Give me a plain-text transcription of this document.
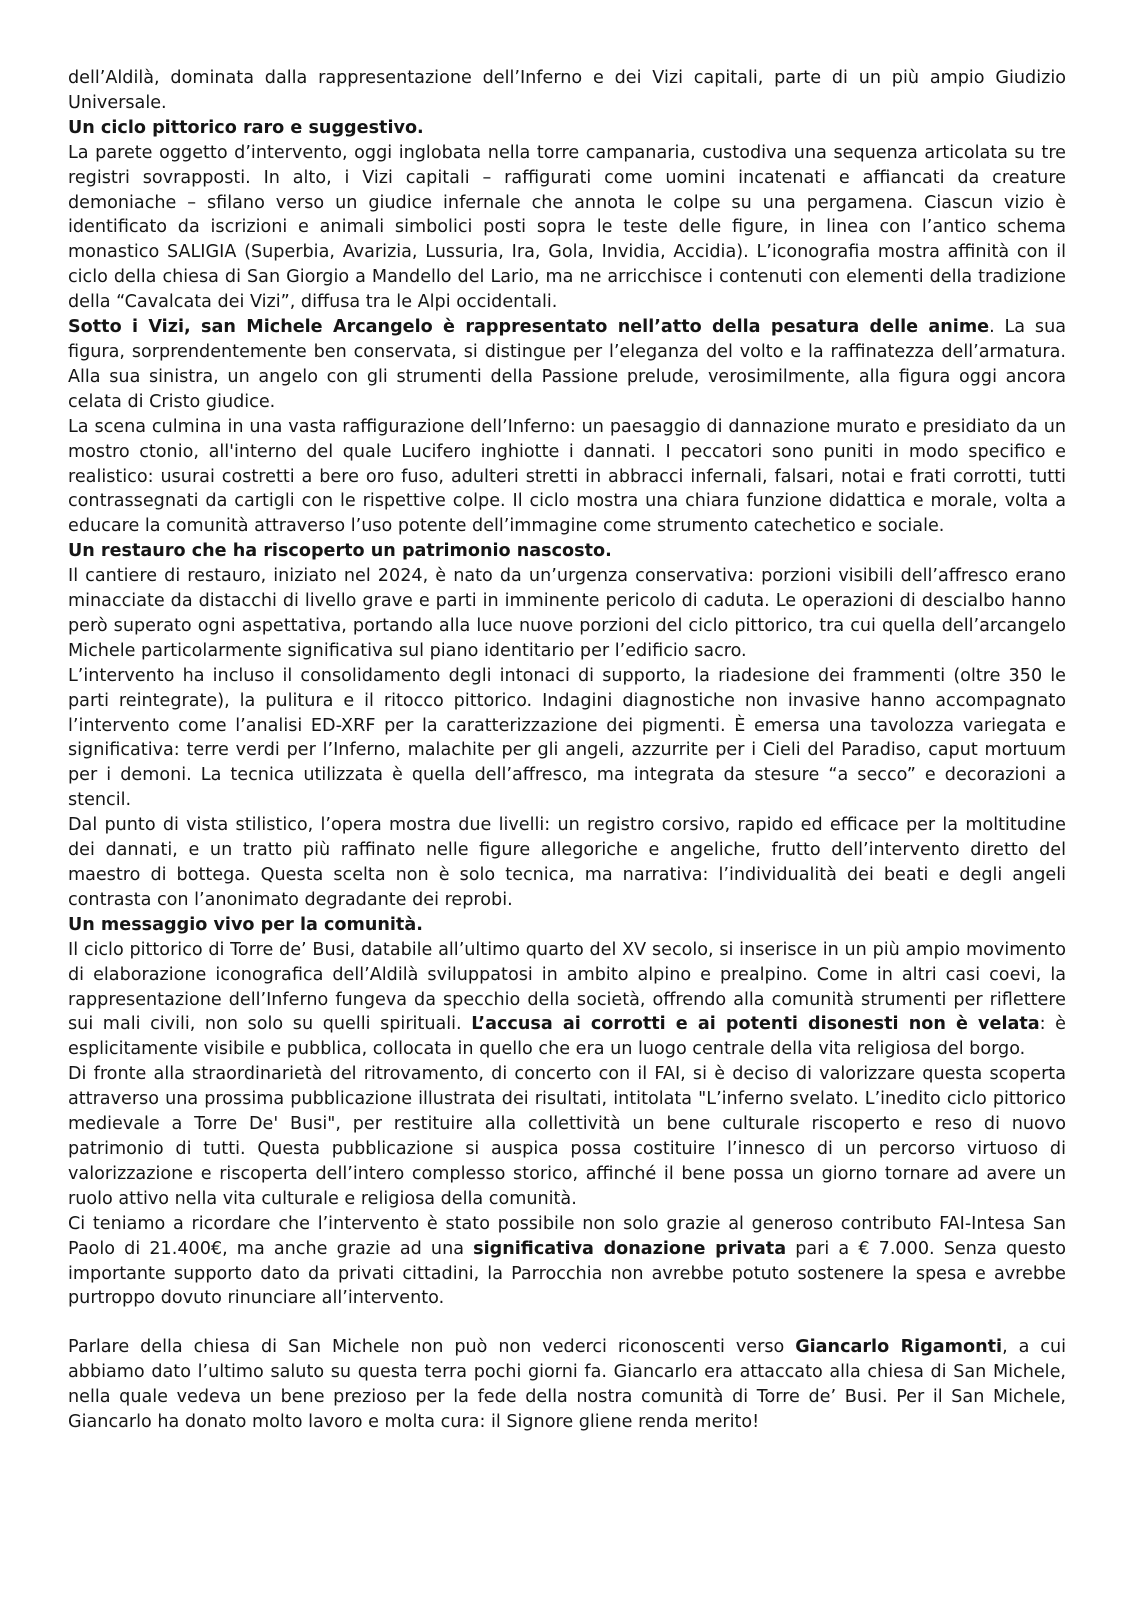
dell’Aldilà, dominata dalla rappresentazione dell’Inferno e dei Vizi capitali, parte di un più ampio Giudizio Universale.

Un ciclo pittorico raro e suggestivo.

La parete oggetto d’intervento, oggi inglobata nella torre campanaria, custodiva una sequenza articolata su tre registri sovrapposti. In alto, i Vizi capitali – raffigurati come uomini incatenati e affiancati da creature demoniache – sfilano verso un giudice infernale che annota le colpe su una pergamena. Ciascun vizio è identificato da iscrizioni e animali simbolici posti sopra le teste delle figure, in linea con l’antico schema monastico SALIGIA (Superbia, Avarizia, Lussuria, Ira, Gola, Invidia, Accidia). L’iconografia mostra affinità con il ciclo della chiesa di San Giorgio a Mandello del Lario, ma ne arricchisce i contenuti con elementi della tradizione della “Cavalcata dei Vizi”, diffusa tra le Alpi occidentali.

Sotto i Vizi, san Michele Arcangelo è rappresentato nell’atto della pesatura delle anime. La sua figura, sorprendentemente ben conservata, si distingue per l’eleganza del volto e la raffinatezza dell’armatura. Alla sua sinistra, un angelo con gli strumenti della Passione prelude, verosimilmente, alla figura oggi ancora celata di Cristo giudice.

La scena culmina in una vasta raffigurazione dell’Inferno: un paesaggio di dannazione murato e presidiato da un mostro ctonio, all'interno del quale Lucifero inghiotte i dannati. I peccatori sono puniti in modo specifico e realistico: usurai costretti a bere oro fuso, adulteri stretti in abbracci infernali, falsari, notai e frati corrotti, tutti contrassegnati da cartigli con le rispettive colpe. Il ciclo mostra una chiara funzione didattica e morale, volta a educare la comunità attraverso l’uso potente dell’immagine come strumento catechetico e sociale.

Un restauro che ha riscoperto un patrimonio nascosto.

Il cantiere di restauro, iniziato nel 2024, è nato da un’urgenza conservativa: porzioni visibili dell’affresco erano minacciate da distacchi di livello grave e parti in imminente pericolo di caduta. Le operazioni di descialbo hanno però superato ogni aspettativa, portando alla luce nuove porzioni del ciclo pittorico, tra cui quella dell’arcangelo Michele particolarmente significativa sul piano identitario per l’edificio sacro.

L’intervento ha incluso il consolidamento degli intonaci di supporto, la riadesione dei frammenti (oltre 350 le parti reintegrate), la pulitura e il ritocco pittorico. Indagini diagnostiche non invasive hanno accompagnato l’intervento come l’analisi ED-XRF per la caratterizzazione dei pigmenti. È emersa una tavolozza variegata e significativa: terre verdi per l’Inferno, malachite per gli angeli, azzurrite per i Cieli del Paradiso, caput mortuum per i demoni. La tecnica utilizzata è quella dell’affresco, ma integrata da stesure “a secco” e decorazioni a stencil.

Dal punto di vista stilistico, l’opera mostra due livelli: un registro corsivo, rapido ed efficace per la moltitudine dei dannati, e un tratto più raffinato nelle figure allegoriche e angeliche, frutto dell’intervento diretto del maestro di bottega. Questa scelta non è solo tecnica, ma narrativa: l’individualità dei beati e degli angeli contrasta con l’anonimato degradante dei reprobi.

Un messaggio vivo per la comunità.

Il ciclo pittorico di Torre de’ Busi, databile all’ultimo quarto del XV secolo, si inserisce in un più ampio movimento di elaborazione iconografica dell’Aldilà sviluppatosi in ambito alpino e prealpino. Come in altri casi coevi, la rappresentazione dell’Inferno fungeva da specchio della società, offrendo alla comunità strumenti per riflettere sui mali civili, non solo su quelli spirituali. L’accusa ai corrotti e ai potenti disonesti non è velata: è esplicitamente visibile e pubblica, collocata in quello che era un luogo centrale della vita religiosa del borgo.

Di fronte alla straordinarietà del ritrovamento, di concerto con il FAI, si è deciso di valorizzare questa scoperta attraverso una prossima pubblicazione illustrata dei risultati, intitolata "L’inferno svelato. L’inedito ciclo pittorico medievale a Torre De' Busi", per restituire alla collettività un bene culturale riscoperto e reso di nuovo patrimonio di tutti. Questa pubblicazione si auspica possa costituire l’innesco di un percorso virtuoso di valorizzazione e riscoperta dell’intero complesso storico, affinché il bene possa un giorno tornare ad avere un ruolo attivo nella vita culturale e religiosa della comunità.

Ci teniamo a ricordare che l’intervento è stato possibile non solo grazie al generoso contributo FAI-Intesa San Paolo di 21.400€, ma anche grazie ad una significativa donazione privata pari a € 7.000. Senza questo importante supporto dato da privati cittadini, la Parrocchia non avrebbe potuto sostenere la spesa e avrebbe purtroppo dovuto rinunciare all’intervento.

Parlare della chiesa di San Michele non può non vederci riconoscenti verso Giancarlo Rigamonti, a cui abbiamo dato l’ultimo saluto su questa terra pochi giorni fa. Giancarlo era attaccato alla chiesa di San Michele, nella quale vedeva un bene prezioso per la fede della nostra comunità di Torre de’ Busi. Per il San Michele, Giancarlo ha donato molto lavoro e molta cura: il Signore gliene renda merito!
